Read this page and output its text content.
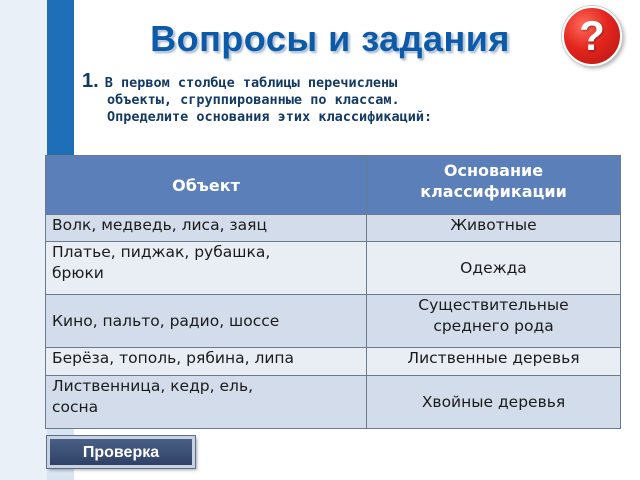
Вопросы и задания	?
1. В первом столбце таблицы перечислены
объекты, сгруппированные по классам.
Определите основания этих классификаций:
Объект	Основание
классификации
Волк, медведь, лиса, заяц	Животные
Платье, пиджак, рубашка,
брюки	Одежда
Кино, пальто, радио, шоссе	Существительные
среднего рода
Берёза, тополь, рябина, липа	Лиственные деревья
Лиственница, кедр, ель,
сосна	Хвойные деревья
Проверка
